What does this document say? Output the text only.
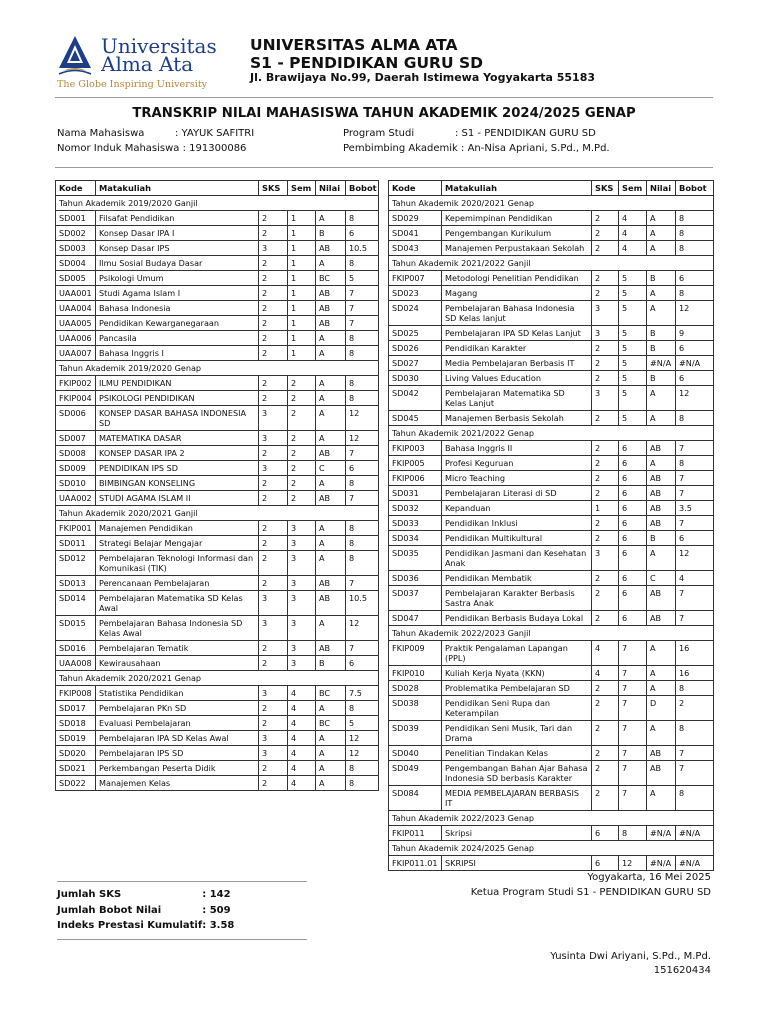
Universitas
Alma Ata
The Globe Inspiring University
UNIVERSITAS ALMA ATA
S1 - PENDIDIKAN GURU SD
Jl. Brawijaya No.99, Daerah Istimewa Yogyakarta 55183
TRANSKRIP NILAI MAHASISWA TAHUN AKADEMIK 2024/2025 GENAP
Nama Mahasiswa	: YAYUK SAFITRI
Nomor Induk Mahasiswa : 191300086
Program Studi	: S1 - PENDIDIKAN GURU SD
Pembimbing Akademik : An-Nisa Apriani, S.Pd., M.Pd.
Kode	Matakuliah	SKS	Sem	Nilai	Bobot
Tahun Akademik 2019/2020 Ganjil					
SD001	Filsafat Pendidikan	2	1	A	8
SD002	Konsep Dasar IPA I	2	1	B	6
SD003	Konsep Dasar IPS	3	1	AB	10.5
SD004	Ilmu Sosial Budaya Dasar	2	1	A	8
SD005	Psikologi Umum	2	1	BC	5
UAA001	Studi Agama Islam I	2	1	AB	7
UAA004	Bahasa Indonesia	2	1	AB	7
UAA005	Pendidikan Kewarganegaraan	2	1	AB	7
UAA006	Pancasila	2	1	A	8
UAA007	Bahasa Inggris I	2	1	A	8
Tahun Akademik 2019/2020 Genap					
FKIP002	ILMU PENDIDIKAN	2	2	A	8
FKIP004	PSIKOLOGI PENDIDIKAN	2	2	A	8
SD006	KONSEP DASAR BAHASA INDONESIA SD	3	2	A	12
SD007	MATEMATIKA DASAR	3	2	A	12
SD008	KONSEP DASAR IPA 2	2	2	AB	7
SD009	PENDIDIKAN IPS SD	3	2	C	6
SD010	BIMBINGAN KONSELING	2	2	A	8
UAA002	STUDI AGAMA ISLAM II	2	2	AB	7
Tahun Akademik 2020/2021 Ganjil					
FKIP001	Manajemen Pendidikan	2	3	A	8
SD011	Strategi Belajar Mengajar	2	3	A	8
SD012	Pembelajaran Teknologi Informasi dan Komunikasi (TIK)	2	3	A	8
SD013	Perencanaan Pembelajaran	2	3	AB	7
SD014	Pembelajaran Matematika SD Kelas Awal	3	3	AB	10.5
SD015	Pembelajaran Bahasa Indonesia SD Kelas Awal	3	3	A	12
SD016	Pembelajaran Tematik	2	3	AB	7
UAA008	Kewirausahaan	2	3	B	6
Tahun Akademik 2020/2021 Genap					
FKIP008	Statistika Pendidikan	3	4	BC	7.5
SD017	Pembelajaran PKn SD	2	4	A	8
SD018	Evaluasi Pembelajaran	2	4	BC	5
SD019	Pembelajaran IPA SD Kelas Awal	3	4	A	12
SD020	Pembelajaran IPS SD	3	4	A	12
SD021	Perkembangan Peserta Didik	2	4	A	8
SD022	Manajemen Kelas	2	4	A	8
Kode	Matakuliah	SKS	Sem	Nilai	Bobot
Tahun Akademik 2020/2021 Genap					
SD029	Kepemimpinan Pendidikan	2	4	A	8
SD041	Pengembangan Kurikulum	2	4	A	8
SD043	Manajemen Perpustakaan Sekolah	2	4	A	8
Tahun Akademik 2021/2022 Ganjil					
FKIP007	Metodologi Penelitian Pendidikan	2	5	B	6
SD023	Magang	2	5	A	8
SD024	Pembelajaran Bahasa Indonesia SD Kelas lanjut	3	5	A	12
SD025	Pembelajaran IPA SD Kelas Lanjut	3	5	B	9
SD026	Pendidikan Karakter	2	5	B	6
SD027	Media Pembelajaran Berbasis IT	2	5	#N/A	#N/A
SD030	Living Values Education	2	5	B	6
SD042	Pembelajaran Matematika SD Kelas Lanjut	3	5	A	12
SD045	Manajemen Berbasis Sekolah	2	5	A	8
Tahun Akademik 2021/2022 Genap					
FKIP003	Bahasa Inggris II	2	6	AB	7
FKIP005	Profesi Keguruan	2	6	A	8
FKIP006	Micro Teaching	2	6	AB	7
SD031	Pembelajaran Literasi di SD	2	6	AB	7
SD032	Kepanduan	1	6	AB	3.5
SD033	Pendidikan Inklusi	2	6	AB	7
SD034	Pendidikan Multikultural	2	6	B	6
SD035	Pendidikan Jasmani dan Kesehatan Anak	3	6	A	12
SD036	Pendidikan Membatik	2	6	C	4
SD037	Pembelajaran Karakter Berbasis Sastra Anak	2	6	AB	7
SD047	Pendidikan Berbasis Budaya Lokal	2	6	AB	7
Tahun Akademik 2022/2023 Ganjil					
FKIP009	Praktik Pengalaman Lapangan (PPL)	4	7	A	16
FKIP010	Kuliah Kerja Nyata (KKN)	4	7	A	16
SD028	Problematika Pembelajaran SD	2	7	A	8
SD038	Pendidikan Seni Rupa dan Keterampilan	2	7	D	2
SD039	Pendidikan Seni Musik, Tari dan Drama	2	7	A	8
SD040	Penelitian Tindakan Kelas	2	7	AB	7
SD049	Pengembangan Bahan Ajar Bahasa Indonesia SD berbasis Karakter	2	7	AB	7
SD084	MEDIA PEMBELAJARAN BERBASIS IT	2	7	A	8
Tahun Akademik 2022/2023 Genap					
FKIP011	Skripsi	6	8	#N/A	#N/A
Tahun Akademik 2024/2025 Genap					
FKIP011.01	SKRIPSI	6	12	#N/A	#N/A
Jumlah SKS	: 142
Jumlah Bobot Nilai	: 509
Indeks Prestasi Kumulatif	: 3.58
Yogyakarta, 16 Mei 2025
Ketua Program Studi S1 - PENDIDIKAN GURU SD
Yusinta Dwi Ariyani, S.Pd., M.Pd.
151620434
